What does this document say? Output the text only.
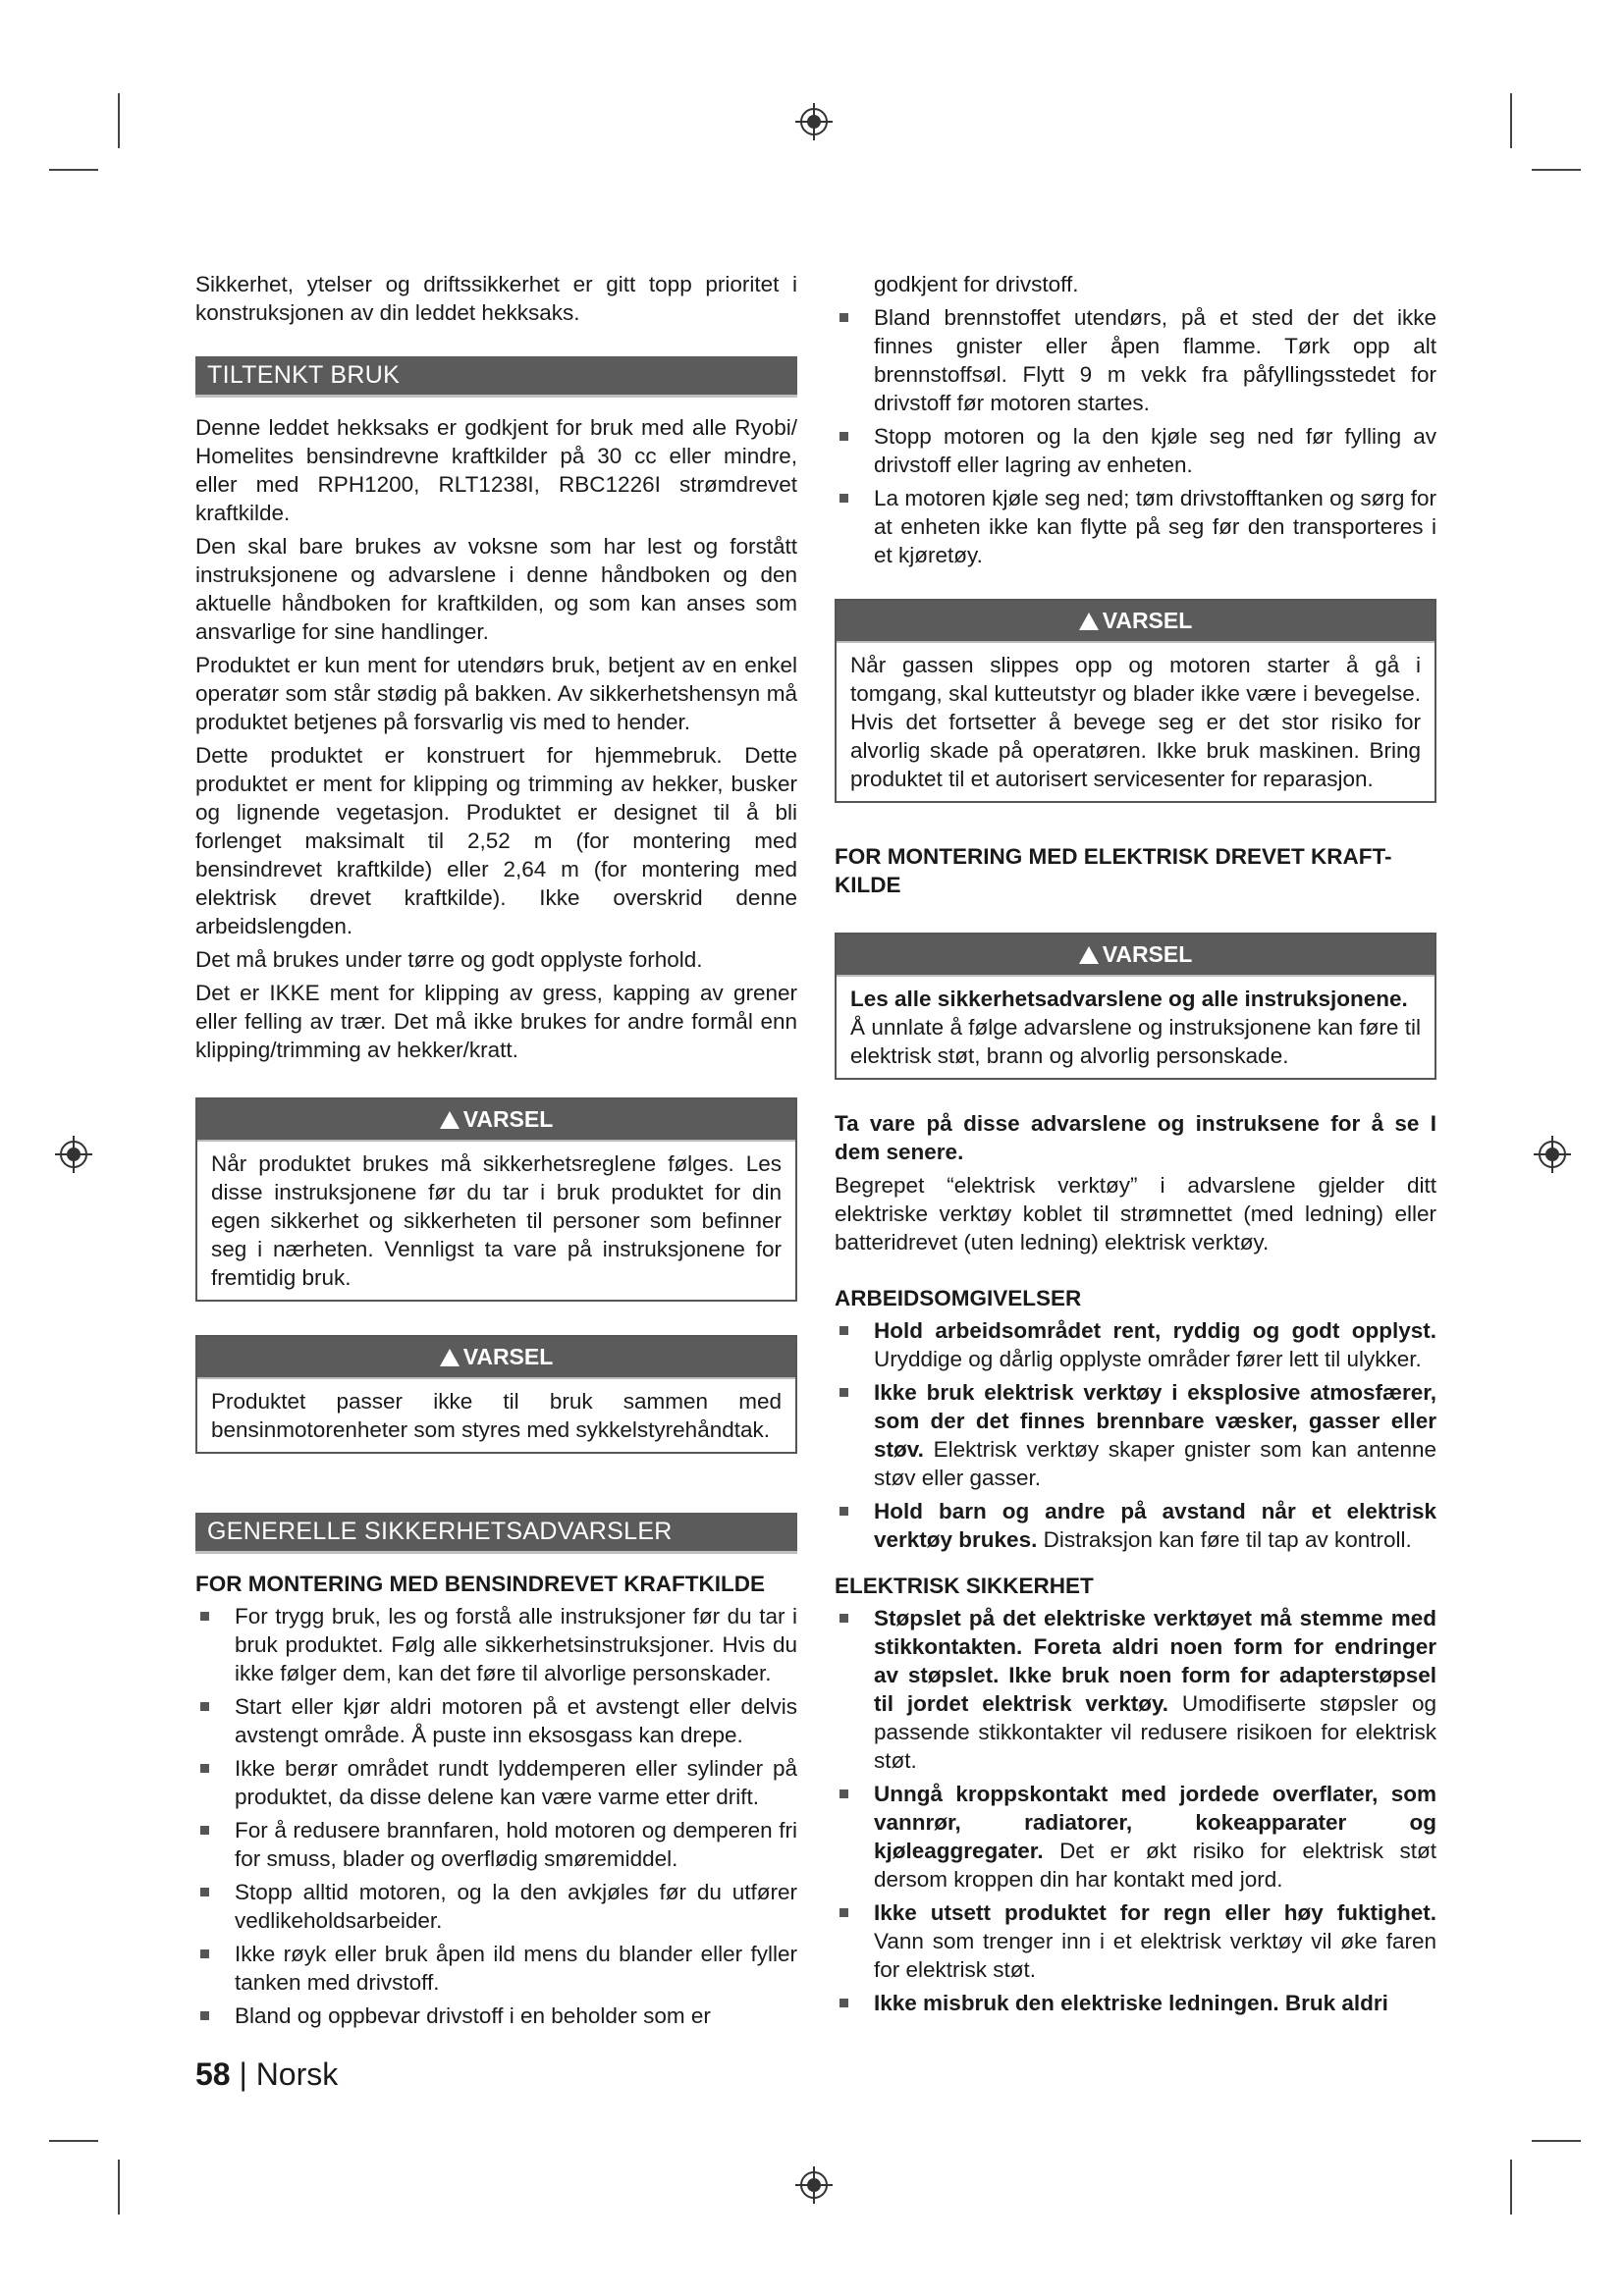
Sikkerhet, ytelser og driftssikkerhet er gitt topp prioritet i konstruksjonen av din leddet hekksaks.

TILTENKT BRUK

Denne leddet hekksaks er godkjent for bruk med alle Ryobi/ Homelites bensindrevne kraftkilder på 30 cc eller mindre, eller med RPH1200, RLT1238I, RBC1226I strømdrevet kraftkilde.

Den skal bare brukes av voksne som har lest og forstått instruksjonene og advarslene i denne håndboken og den aktuelle håndboken for kraftkilden, og som kan anses som ansvarlige for sine handlinger.

Produktet er kun ment for utendørs bruk, betjent av en enkel operatør som står stødig på bakken. Av sikkerhetshensyn må produktet betjenes på forsvarlig vis med to hender.

Dette produktet er konstruert for hjemmebruk. Dette produktet er ment for klipping og trimming av hekker, busker og lignende vegetasjon. Produktet er designet til å bli forlenget maksimalt til 2,52 m (for montering med bensindrevet kraftkilde) eller 2,64 m (for montering med elektrisk drevet kraftkilde). Ikke overskrid denne arbeidslengden.

Det må brukes under tørre og godt opplyste forhold.

Det er IKKE ment for klipping av gress, kapping av grener eller felling av trær. Det må ikke brukes for andre formål enn klipping/trimming av hekker/kratt.

VARSEL
Når produktet brukes må sikkerhetsreglene følges. Les disse instruksjonene før du tar i bruk produktet for din egen sikkerhet og sikkerheten til personer som befinner seg i nærheten. Vennligst ta vare på instruksjonene for fremtidig bruk.
VARSEL
Produktet passer ikke til bruk sammen med bensinmotorenheter som styres med sykkelstyrehåndtak.
GENERELLE SIKKERHETSADVARSLER
FOR MONTERING MED BENSINDREVET KRAFTKILDE
For trygg bruk, les og forstå alle instruksjoner før du tar i bruk produktet. Følg alle sikkerhetsinstruksjoner. Hvis du ikke følger dem, kan det føre til alvorlige personskader.
Start eller kjør aldri motoren på et avstengt eller delvis avstengt område. Å puste inn eksosgass kan drepe.
Ikke berør området rundt lyddemperen eller sylinder på produktet, da disse delene kan være varme etter drift.
For å redusere brannfaren, hold motoren og demperen fri for smuss, blader og overflødig smøremiddel.
Stopp alltid motoren, og la den avkjøles før du utfører vedlikeholdsarbeider.
Ikke røyk eller bruk åpen ild mens du blander eller fyller tanken med drivstoff.
Bland og oppbevar drivstoff i en beholder som er

godkjent for drivstoff.

Bland brennstoffet utendørs, på et sted der det ikke finnes gnister eller åpen flamme. Tørk opp alt brennstoffsøl. Flytt 9 m vekk fra påfyllingsstedet for drivstoff før motoren startes.
Stopp motoren og la den kjøle seg ned før fylling av drivstoff eller lagring av enheten.
La motoren kjøle seg ned; tøm drivstofftanken og sørg for at enheten ikke kan flytte på seg før den transporteres i et kjøretøy.
VARSEL
Når gassen slippes opp og motoren starter å gå i tomgang, skal kutteutstyr og blader ikke være i bevegelse. Hvis det fortsetter å bevege seg er det stor risiko for alvorlig skade på operatøren. Ikke bruk maskinen. Bring produktet til et autorisert servicesenter for reparasjon.
FOR MONTERING MED ELEKTRISK DREVET KRAFT-KILDE
VARSEL
Les alle sikkerhetsadvarslene og alle instruksjonene.
Å unnlate å følge advarslene og instruksjonene kan føre til elektrisk støt, brann og alvorlig personskade.

Ta vare på disse advarslene og instruksene for å se I dem senere.

Begrepet “elektrisk verktøy” i advarslene gjelder ditt elektriske verktøy koblet til strømnettet (med ledning) eller batteridrevet (uten ledning) elektrisk verktøy.

ARBEIDSOMGIVELSER
Hold arbeidsområdet rent, ryddig og godt opplyst. Uryddige og dårlig opplyste områder fører lett til ulykker.
Ikke bruk elektrisk verktøy i eksplosive atmosfærer, som der det finnes brennbare væsker, gasser eller støv. Elektrisk verktøy skaper gnister som kan antenne støv eller gasser.
Hold barn og andre på avstand når et elektrisk verktøy brukes. Distraksjon kan føre til tap av kontroll.
ELEKTRISK SIKKERHET
Støpslet på det elektriske verktøyet må stemme med stikkontakten. Foreta aldri noen form for endringer av støpslet. Ikke bruk noen form for adapterstøpsel til jordet elektrisk verktøy. Umodifiserte støpsler og passende stikkontakter vil redusere risikoen for elektrisk støt.
Unngå kroppskontakt med jordede overflater, som vannrør, radiatorer, kokeapparater og kjøleaggregater. Det er økt risiko for elektrisk støt dersom kroppen din har kontakt med jord.
Ikke utsett produktet for regn eller høy fuktighet. Vann som trenger inn i et elektrisk verktøy vil øke faren for elektrisk støt.
Ikke misbruk den elektriske ledningen. Bruk aldri
58 | Norsk
